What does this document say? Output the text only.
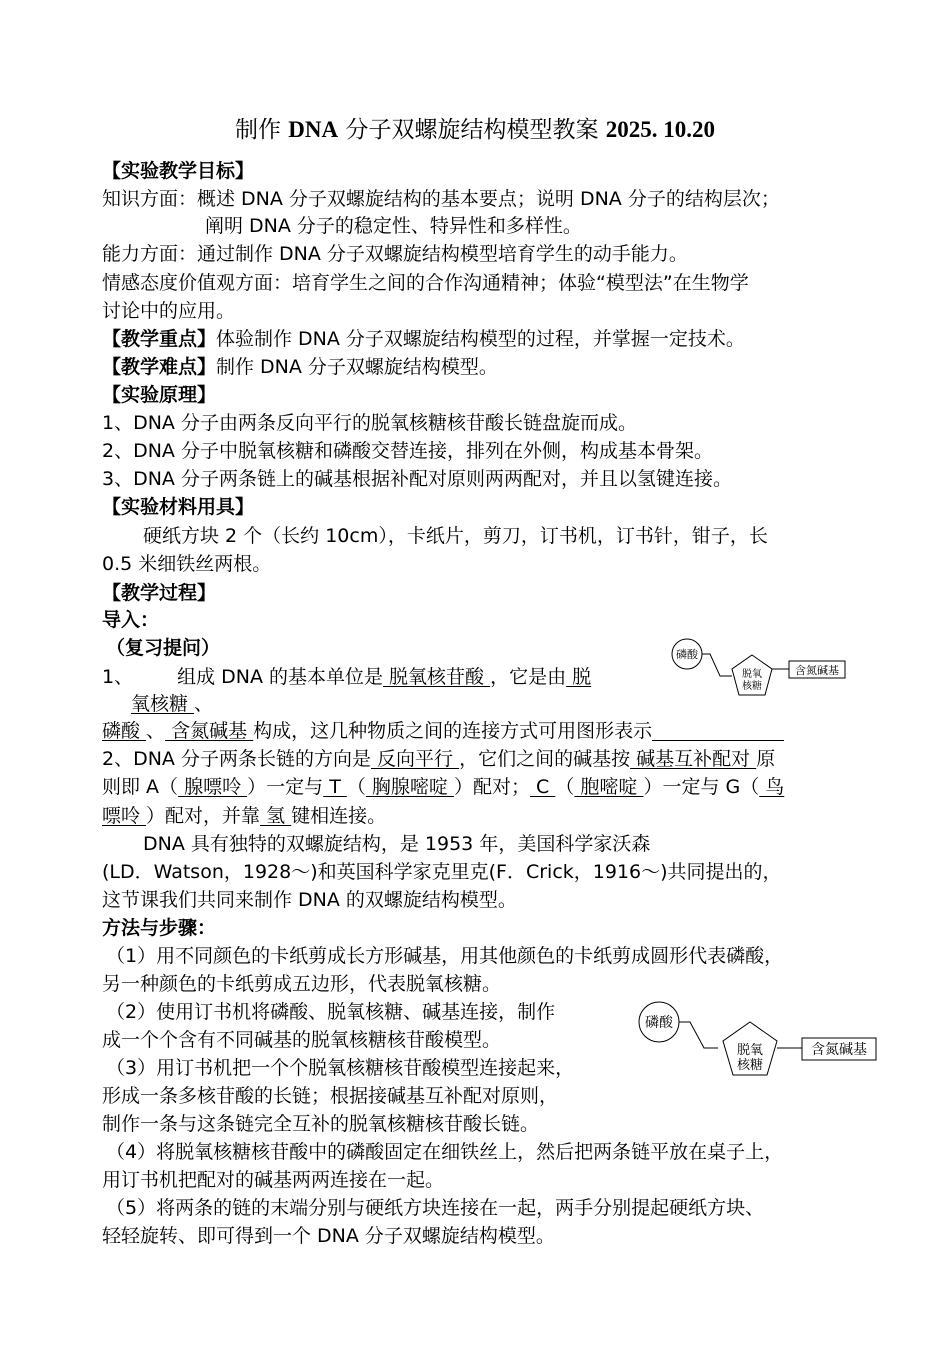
制作 DNA 分子双螺旋结构模型教案 2025. 10.20
【实验教学目标】
知识方面：概述 DNA 分子双螺旋结构的基本要点；说明 DNA 分子的结构层次；
阐明 DNA 分子的稳定性、特异性和多样性。
能力方面：通过制作 DNA 分子双螺旋结构模型培育学生的动手能力。
情感态度价值观方面：培育学生之间的合作沟通精神；体验“模型法”在生物学
讨论中的应用。
【教学重点】体验制作 DNA 分子双螺旋结构模型的过程，并掌握一定技术。
【教学难点】制作 DNA 分子双螺旋结构模型。
【实验原理】
1、DNA 分子由两条反向平行的脱氧核糖核苷酸长链盘旋而成。
2、DNA 分子中脱氧核糖和磷酸交替连接，排列在外侧，构成基本骨架。
3、DNA 分子两条链上的碱基根据补配对原则两两配对，并且以氢键连接。
【实验材料用具】
硬纸方块 2 个（长约 10cm），卡纸片，剪刀，订书机，订书针，钳子，长
0.5 米细铁丝两根。
【教学过程】
导入：
（复习提问）
1、 组成 DNA 的基本单位是 脱氧核苷酸 ，它是由 脱
氧核糖 、
磷酸 、 含氮碱基 构成，这几种物质之间的连接方式可用图形表示
2、DNA 分子两条长链的方向是 反向平行 ，它们之间的碱基按 碱基互补配对 原
则即 A（ 腺嘌呤 ）一定与 T （ 胸腺嘧啶 ）配对； C （ 胞嘧啶 ）一定与 G（ 鸟
嘌呤 ）配对，并靠 氢 键相连接。
DNA 具有独特的双螺旋结构，是 1953 年，美国科学家沃森
(LD．Watson，1928～)和英国科学家克里克(F．Crick，1916～)共同提出的，
这节课我们共同来制作 DNA 的双螺旋结构模型。
方法与步骤：
（1）用不同颜色的卡纸剪成长方形碱基，用其他颜色的卡纸剪成圆形代表磷酸，
另一种颜色的卡纸剪成五边形，代表脱氧核糖。
（2）使用订书机将磷酸、脱氧核糖、碱基连接，制作
成一个个含有不同碱基的脱氧核糖核苷酸模型。
（3）用订书机把一个个脱氧核糖核苷酸模型连接起来，
形成一条多核苷酸的长链；根据接碱基互补配对原则，
制作一条与这条链完全互补的脱氧核糖核苷酸长链。
（4）将脱氧核糖核苷酸中的磷酸固定在细铁丝上，然后把两条链平放在桌子上，
用订书机把配对的碱基两两连接在一起。
（5）将两条的链的末端分别与硬纸方块连接在一起，两手分别提起硬纸方块、
轻轻旋转、即可得到一个 DNA 分子双螺旋结构模型。
磷酸
脱氧
核糖
含氮碱基
磷酸
脱氧
核糖
含氮碱基
